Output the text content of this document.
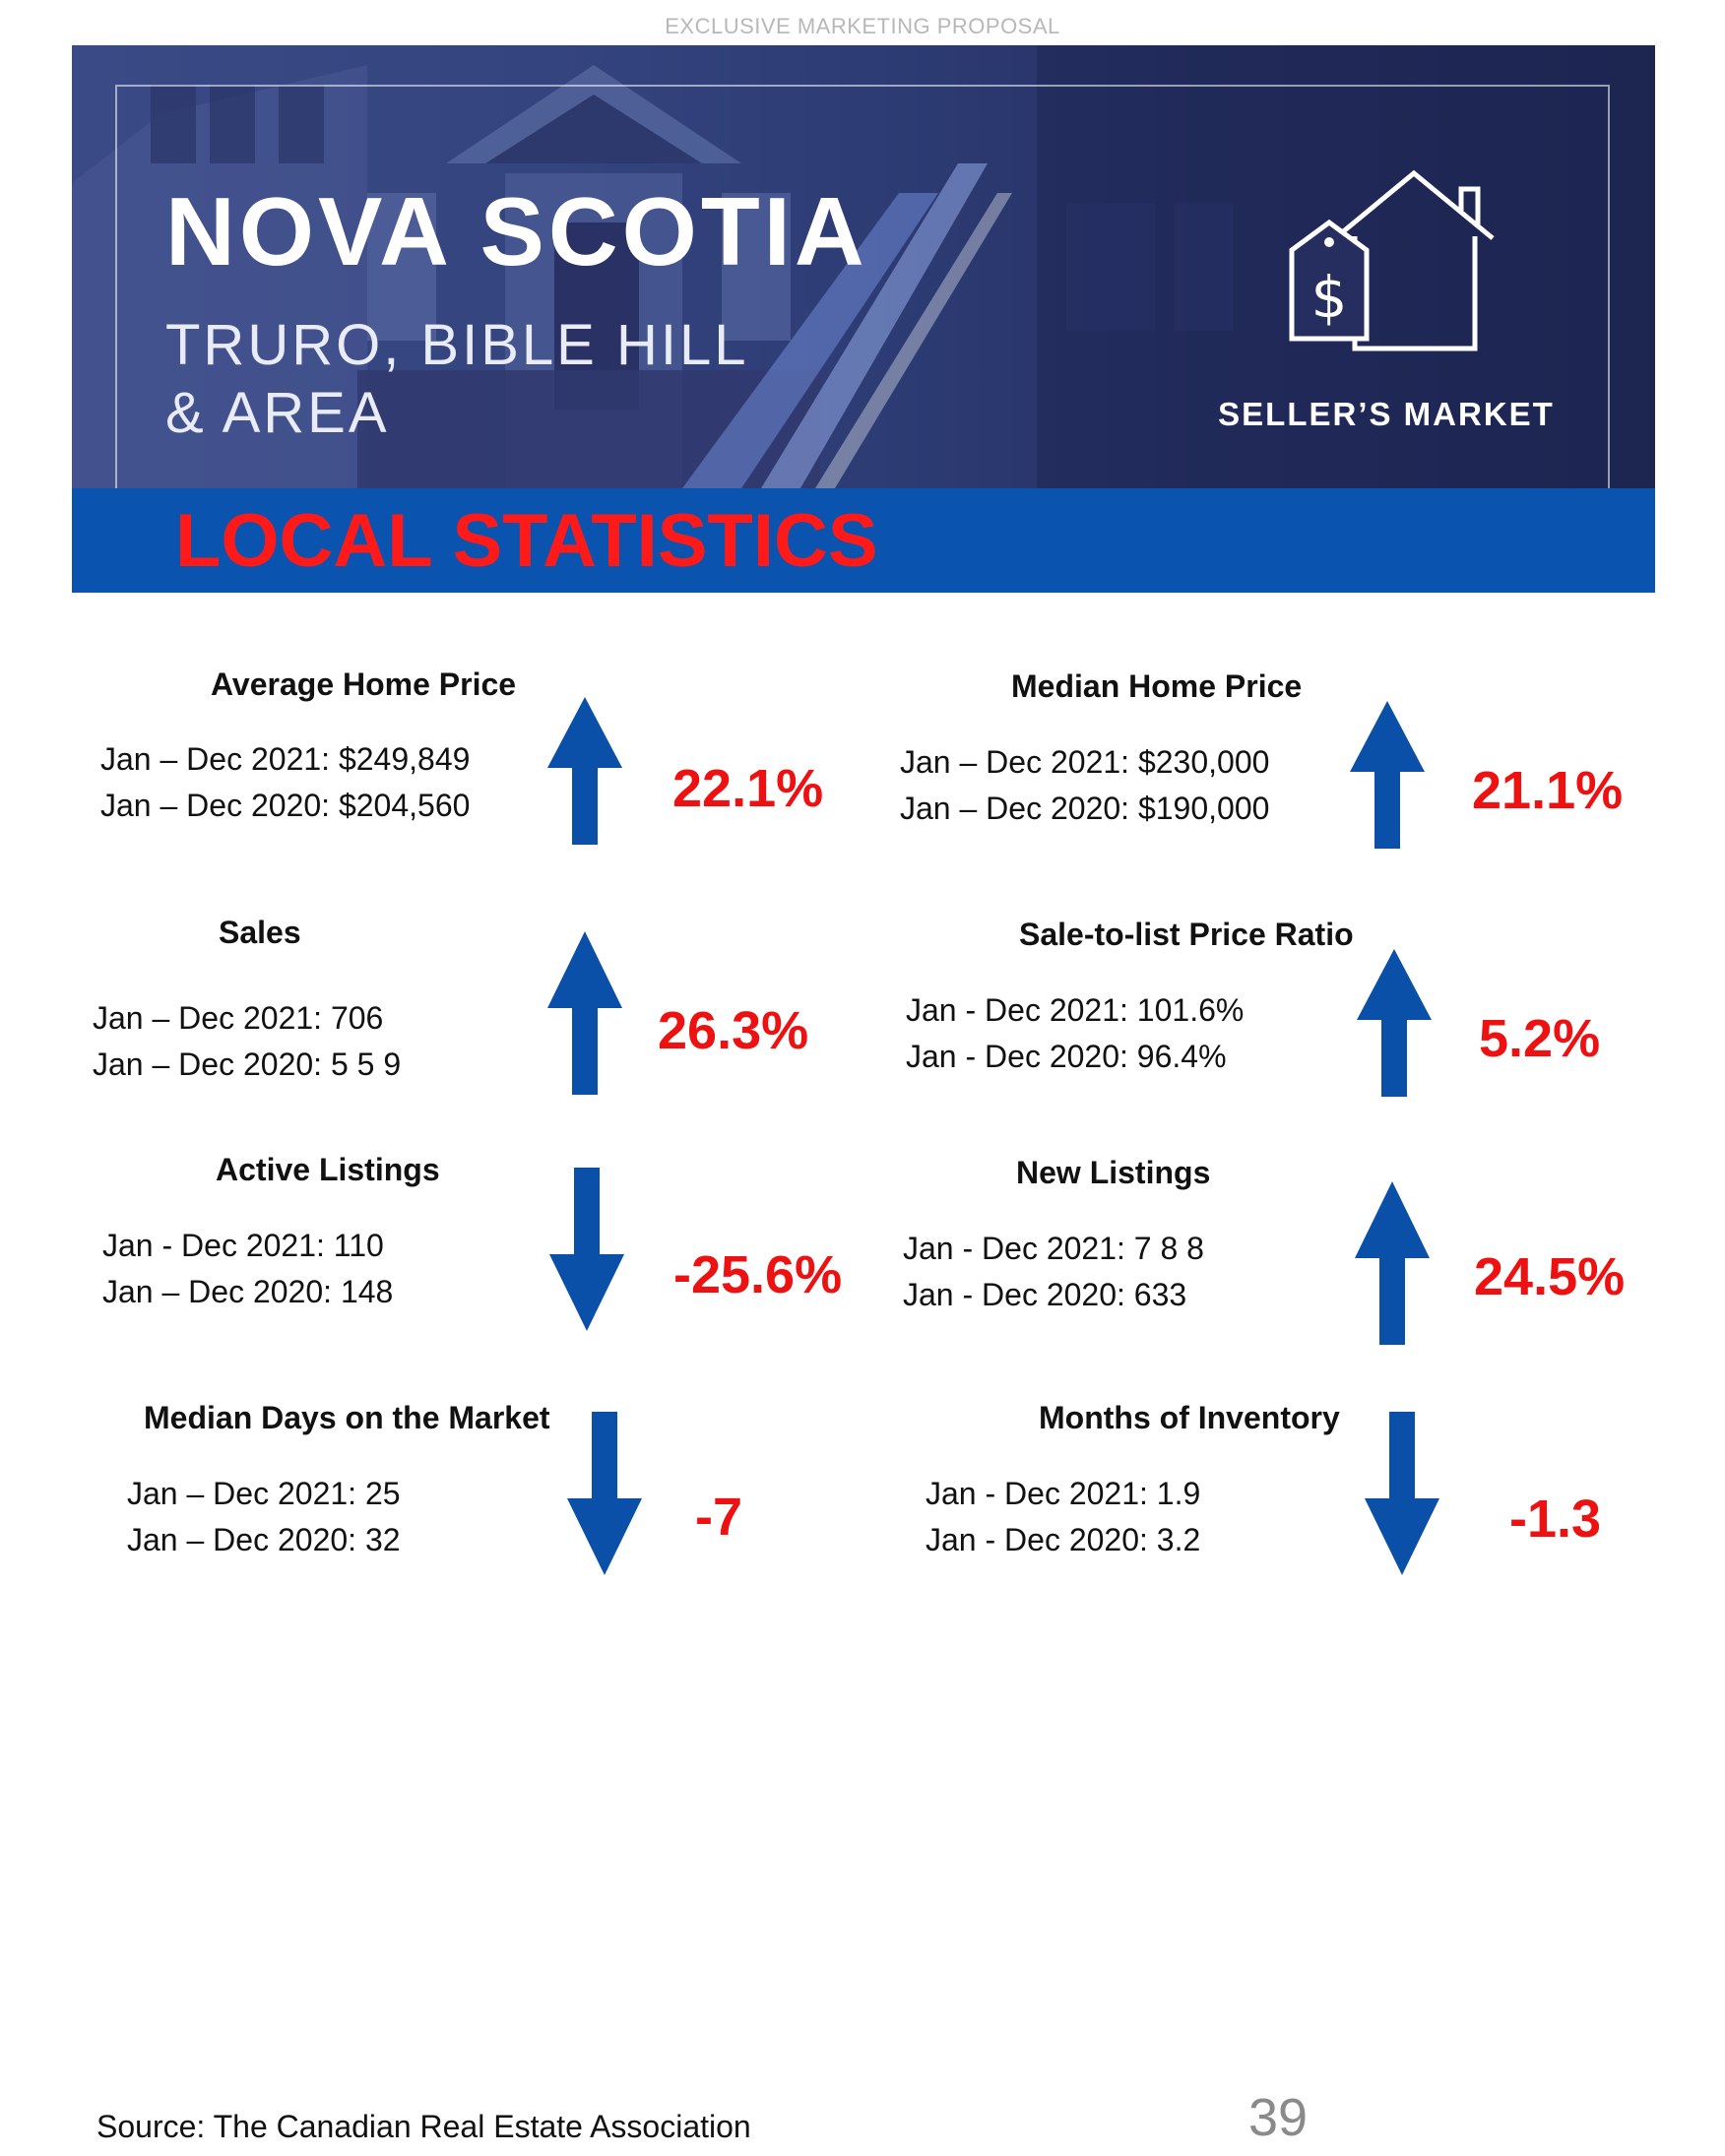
EXCLUSIVE MARKETING PROPOSAL
NOVA SCOTIA
TRURO, BIBLE HILL
& AREA
$
SELLER’S MARKET
LOCAL STATISTICS
Average Home Price
Jan – Dec 2021: $249,849
Jan – Dec 2020: $204,560	22.1%
Median Home Price
Jan – Dec 2021: $230,000
Jan – Dec 2020: $190,000	21.1%
Sales
Jan – Dec 2021: 706
Jan – Dec 2020: 5 5 9
26.3%
Sale-to-list Price Ratio
Jan - Dec 2021: 101.6%
Jan - Dec 2020: 96.4%	5.2%
Active Listings
Jan - Dec 2021: 110
Jan – Dec 2020: 148	-25.6%
New Listings
Jan - Dec 2021: 7 8 8
Jan - Dec 2020: 633	24.5%
Median Days on the Market
Jan – Dec 2021: 25
Jan – Dec 2020: 32	-7
Months of Inventory
Jan - Dec 2021: 1.9
Jan - Dec 2020: 3.2	-1.3
Source: The Canadian Real Estate Association	39
